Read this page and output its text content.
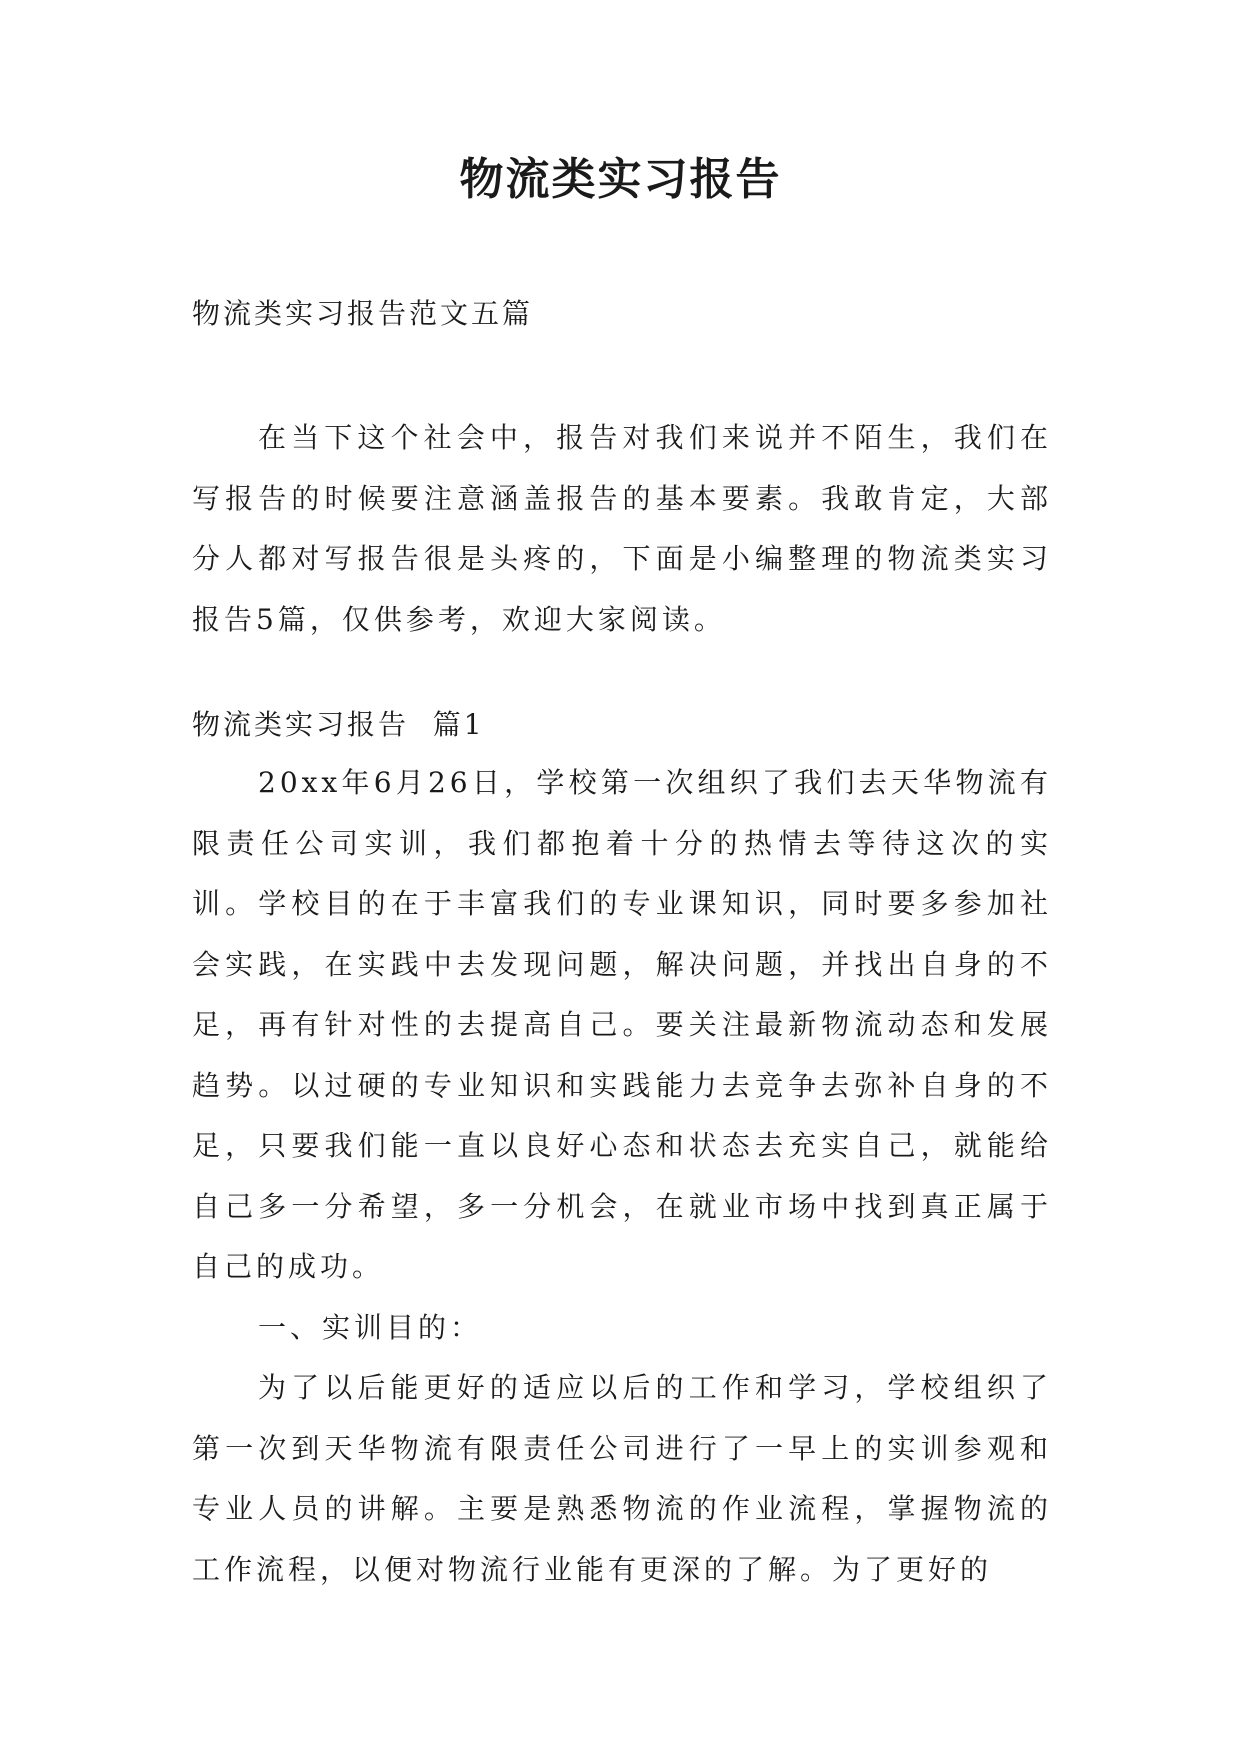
物流类实习报告

物流类实习报告范文五篇

在当下这个社会中，报告对我们来说并不陌生，我们在写报告的时候要注意涵盖报告的基本要素。我敢肯定，大部分人都对写报告很是头疼的，下面是小编整理的物流类实习报告5篇，仅供参考，欢迎大家阅读。

物流类实习报告  篇1

20xx年6月26日，学校第一次组织了我们去天华物流有限责任公司实训，我们都抱着十分的热情去等待这次的实训。学校目的在于丰富我们的专业课知识，同时要多参加社会实践，在实践中去发现问题，解决问题，并找出自身的不足，再有针对性的去提高自己。要关注最新物流动态和发展趋势。以过硬的专业知识和实践能力去竞争去弥补自身的不足，只要我们能一直以良好心态和状态去充实自己，就能给自己多一分希望，多一分机会，在就业市场中找到真正属于自己的成功。

一、实训目的：

为了以后能更好的适应以后的工作和学习，学校组织了第一次到天华物流有限责任公司进行了一早上的实训参观和专业人员的讲解。主要是熟悉物流的作业流程，掌握物流的工作流程，以便对物流行业能有更深的了解。为了更好的
